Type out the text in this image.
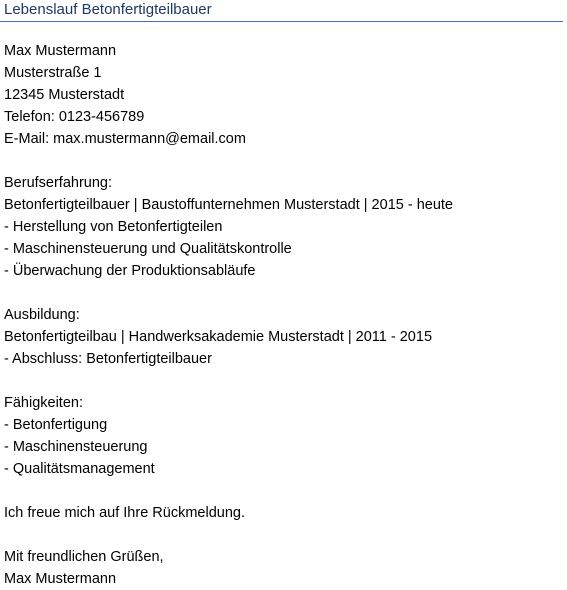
Lebenslauf Betonfertigteilbauer
Max Mustermann
Musterstraße 1
12345 Musterstadt
Telefon: 0123-456789
E-Mail: max.mustermann@email.com
Berufserfahrung:
Betonfertigteilbauer | Baustoffunternehmen Musterstadt | 2015 - heute
- Herstellung von Betonfertigteilen
- Maschinensteuerung und Qualitätskontrolle
- Überwachung der Produktionsabläufe
Ausbildung:
Betonfertigteilbau | Handwerksakademie Musterstadt | 2011 - 2015
- Abschluss: Betonfertigteilbauer
Fähigkeiten:
- Betonfertigung
- Maschinensteuerung
- Qualitätsmanagement
Ich freue mich auf Ihre Rückmeldung.
Mit freundlichen Grüßen,
Max Mustermann
